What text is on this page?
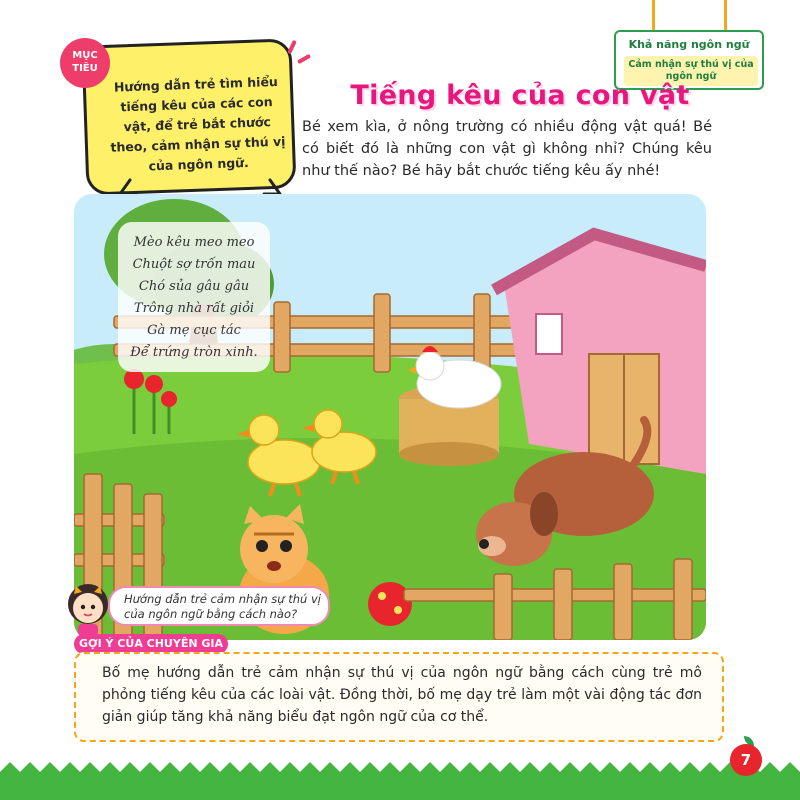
Khả năng ngôn ngữ
Cảm nhận sự thú vị của ngôn ngữ
Hướng dẫn trẻ tìm hiểu tiếng kêu của các con vật, để trẻ bắt chước theo, cảm nhận sự thú vị của ngôn ngữ.
MỤC
TIÊU
Tiếng kêu của con vật
Bé xem kìa, ở nông trường có nhiều động vật quá! Bé có biết đó là những con vật gì không nhỉ? Chúng kêu như thế nào? Bé hãy bắt chước tiếng kêu ấy nhé!
Mèo kêu meo meo
Chuột sợ trốn mau
Chó sủa gâu gâu
Trông nhà rất giỏi
Gà mẹ cục tác
Để trứng tròn xinh.
Hướng dẫn trẻ cảm nhận sự thú vị của ngôn ngữ bằng cách nào?
GỢI Ý CỦA CHUYÊN GIA
Bố mẹ hướng dẫn trẻ cảm nhận sự thú vị của ngôn ngữ bằng cách cùng trẻ mô phỏng tiếng kêu của các loài vật. Đồng thời, bố mẹ dạy trẻ làm một vài động tác đơn giản giúp tăng khả năng biểu đạt ngôn ngữ của cơ thể.
7
